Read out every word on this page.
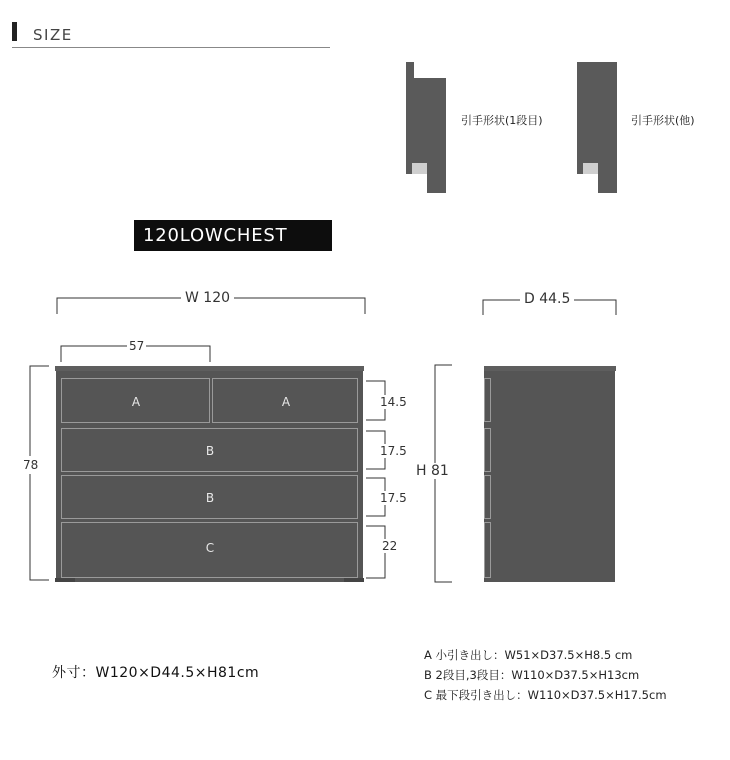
SIZE
引手形状(1段目)	引手形状(他)
120LOWCHEST
W 120
57
78
14.5
17.5
17.5
22
H 81
D 44.5
A	A
B
B
C
外寸：W120×D44.5×H81cm
A 小引き出し：W51×D37.5×H8.5 cm
B 2段目,3段目：W110×D37.5×H13cm
C 最下段引き出し：W110×D37.5×H17.5cm
